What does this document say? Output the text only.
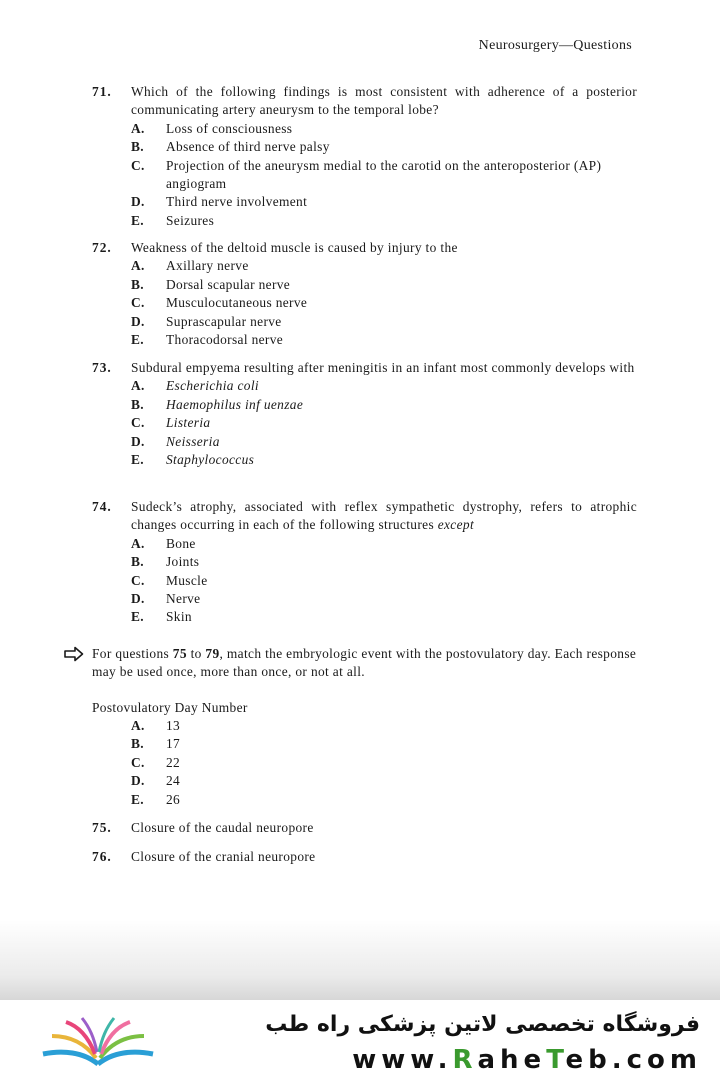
Neurosurgery—Questions
71. Which of the following findings is most consistent with adherence of a posterior communicating artery aneurysm to the temporal lobe?
A. Loss of consciousness
B. Absence of third nerve palsy
C. Projection of the aneurysm medial to the carotid on the anteroposterior (AP) angiogram
D. Third nerve involvement
E. Seizures
72. Weakness of the deltoid muscle is caused by injury to the
A. Axillary nerve
B. Dorsal scapular nerve
C. Musculocutaneous nerve
D. Suprascapular nerve
E. Thoracodorsal nerve
73. Subdural empyema resulting after meningitis in an infant most commonly develops with
A. Escherichia coli
B. Haemophilus inf uenzae
C. Listeria
D. Neisseria
E. Staphylococcus
74. Sudeck’s atrophy, associated with reflex sympathetic dystrophy, refers to atrophic changes occurring in each of the following structures except
A. Bone
B. Joints
C. Muscle
D. Nerve
E. Skin
For questions 75 to 79, match the embryologic event with the postovulatory day. Each response may be used once, more than once, or not at all.
Postovulatory Day Number
A. 13
B. 17
C. 22
D. 24
E. 26
75. Closure of the caudal neuropore
76. Closure of the cranial neuropore
فروشگاه تخصصی لاتین پزشکی راه طب
www.RaheTeb.com
